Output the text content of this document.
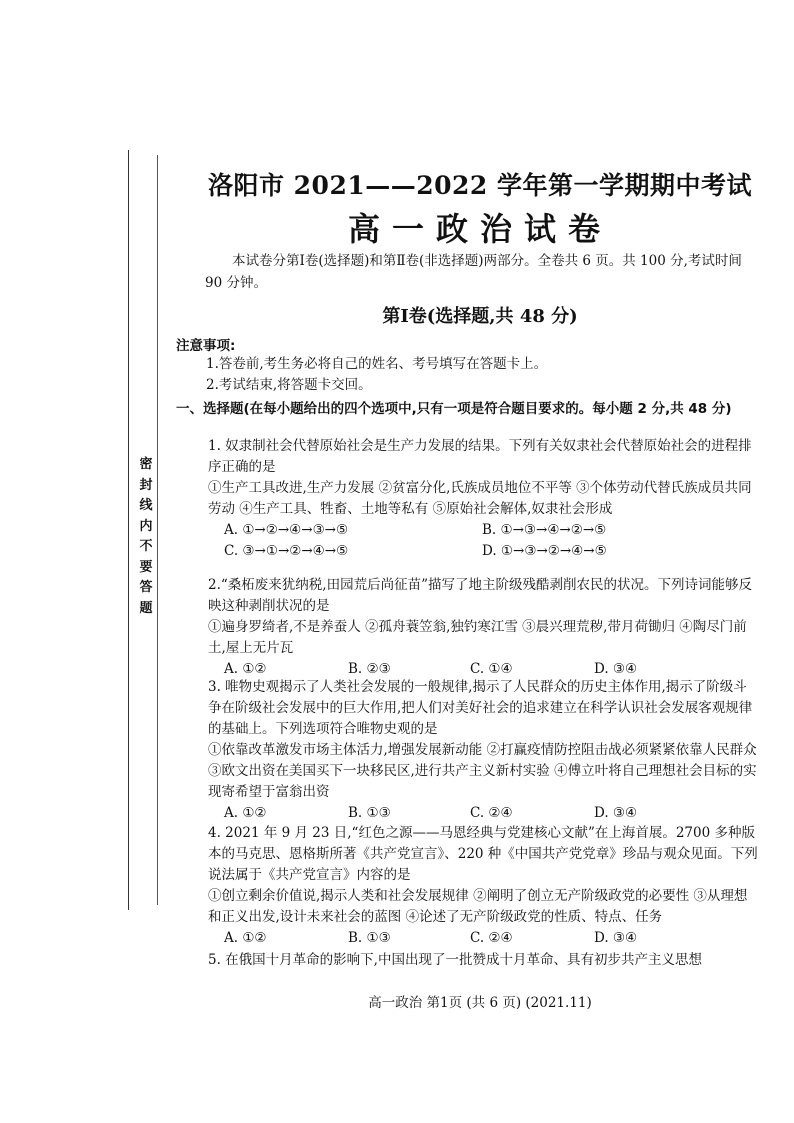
密封线内不要答题
洛阳市 2021——2022 学年第一学期期中考试
高一政治试卷
本试卷分第Ⅰ卷(选择题)和第Ⅱ卷(非选择题)两部分。全卷共 6 页。共 100 分,考试时间 90 分钟。
第Ⅰ卷(选择题,共 48 分)
注意事项:
1.答卷前,考生务必将自己的姓名、考号填写在答题卡上。
2.考试结束,将答题卡交回。
一、选择题(在每小题给出的四个选项中,只有一项是符合题目要求的。每小题 2 分,共 48 分)
1. 奴隶制社会代替原始社会是生产力发展的结果。下列有关奴隶社会代替原始社会的进程排序正确的是
①生产工具改进,生产力发展 ②贫富分化,氏族成员地位不平等 ③个体劳动代替氏族成员共同劳动 ④生产工具、牲畜、土地等私有 ⑤原始社会解体,奴隶社会形成
A. ①→②→④→③→⑤	B. ①→③→④→②→⑤
C. ③→①→②→④→⑤	D. ①→③→②→④→⑤
2.“桑柘废来犹纳税,田园荒后尚征苗”描写了地主阶级残酷剥削农民的状况。下列诗词能够反映这种剥削状况的是
①遍身罗绮者,不是养蚕人 ②孤舟蓑笠翁,独钓寒江雪 ③晨兴理荒秽,带月荷锄归 ④陶尽门前土,屋上无片瓦
A. ①②	B. ②③	C. ①④	D. ③④
3. 唯物史观揭示了人类社会发展的一般规律,揭示了人民群众的历史主体作用,揭示了阶级斗争在阶级社会发展中的巨大作用,把人们对美好社会的追求建立在科学认识社会发展客观规律的基础上。下列选项符合唯物史观的是
①依靠改革激发市场主体活力,增强发展新动能 ②打赢疫情防控阻击战必须紧紧依靠人民群众 ③欧文出资在美国买下一块移民区,进行共产主义新村实验 ④傅立叶将自己理想社会目标的实现寄希望于富翁出资
A. ①②	B. ①③	C. ②④	D. ③④
4. 2021 年 9 月 23 日,“红色之源——马恩经典与党建核心文献”在上海首展。2700 多种版本的马克思、恩格斯所著《共产党宣言》、220 种《中国共产党党章》珍品与观众见面。下列说法属于《共产党宣言》内容的是
①创立剩余价值说,揭示人类和社会发展规律 ②阐明了创立无产阶级政党的必要性 ③从理想和正义出发,设计未来社会的蓝图 ④论述了无产阶级政党的性质、特点、任务
A. ①②	B. ①③	C. ②④	D. ③④
5. 在俄国十月革命的影响下,中国出现了一批赞成十月革命、具有初步共产主义思想
高一政治 第1页 (共 6 页) (2021.11)
